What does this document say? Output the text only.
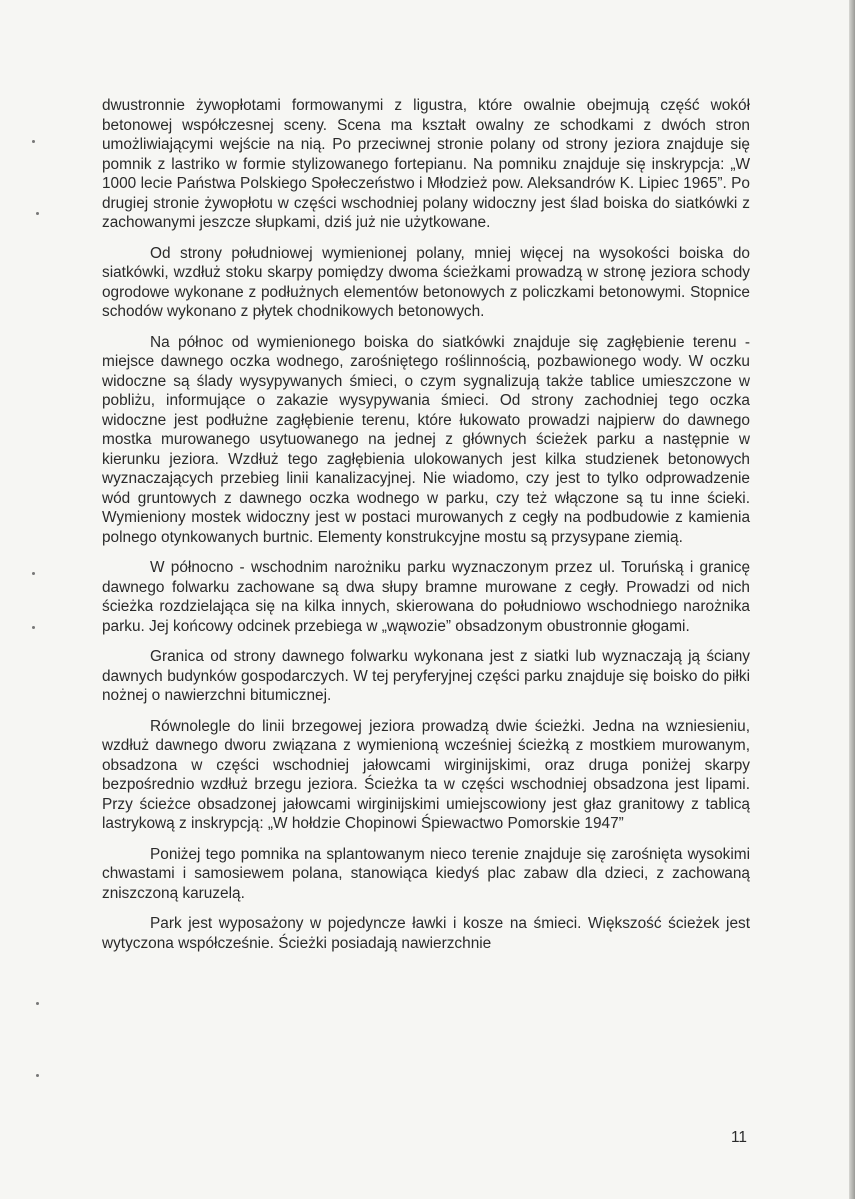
dwustronnie żywopłotami formowanymi z ligustra, które owalnie obejmują część wokół betonowej współczesnej sceny. Scena ma kształt owalny ze schodkami z dwóch stron umożliwiającymi wejście na nią. Po przeciwnej stronie polany od strony jeziora znajduje się pomnik z lastriko w formie stylizowanego fortepianu. Na pomniku znajduje się inskrypcja: „W 1000 lecie Państwa Polskiego Społeczeństwo i Młodzież pow. Aleksandrów K. Lipiec 1965”. Po drugiej stronie żywopłotu w części wschodniej polany widoczny jest ślad boiska do siatkówki z zachowanymi jeszcze słupkami, dziś już nie użytkowane.

Od strony południowej wymienionej polany, mniej więcej na wysokości boiska do siatkówki, wzdłuż stoku skarpy pomiędzy dwoma ścieżkami prowadzą w stronę jeziora schody ogrodowe wykonane z podłużnych elementów betonowych z policzkami betonowymi. Stopnice schodów wykonano z płytek chodnikowych betonowych.

Na północ od wymienionego boiska do siatkówki znajduje się zagłębienie terenu - miejsce dawnego oczka wodnego, zarośniętego roślinnością, pozbawionego wody. W oczku widoczne są ślady wysypywanych śmieci, o czym sygnalizują także tablice umieszczone w pobliżu, informujące o zakazie wysypywania śmieci. Od strony zachodniej tego oczka widoczne jest podłużne zagłębienie terenu, które łukowato prowadzi najpierw do dawnego mostka murowanego usytuowanego na jednej z głównych ścieżek parku a następnie w kierunku jeziora. Wzdłuż tego zagłębienia ulokowanych jest kilka studzienek betonowych wyznaczających przebieg linii kanalizacyjnej. Nie wiadomo, czy jest to tylko odprowadzenie wód gruntowych z dawnego oczka wodnego w parku, czy też włączone są tu inne ścieki. Wymieniony mostek widoczny jest w postaci murowanych z cegły na podbudowie z kamienia polnego otynkowanych burtnic. Elementy konstrukcyjne mostu są przysypane ziemią.

W północno - wschodnim narożniku parku wyznaczonym przez ul. Toruńską i granicę dawnego folwarku zachowane są dwa słupy bramne murowane z cegły. Prowadzi od nich ścieżka rozdzielająca się na kilka innych, skierowana do południowo wschodniego narożnika parku. Jej końcowy odcinek przebiega w „wąwozie” obsadzonym obustronnie głogami.

Granica od strony dawnego folwarku wykonana jest z siatki lub wyznaczają ją ściany dawnych budynków gospodarczych. W tej peryferyjnej części parku znajduje się boisko do piłki nożnej o nawierzchni bitumicznej.

Równolegle do linii brzegowej jeziora prowadzą dwie ścieżki. Jedna na wzniesieniu, wzdłuż dawnego dworu związana z wymienioną wcześniej ścieżką z mostkiem murowanym, obsadzona w części wschodniej jałowcami wirginijskimi, oraz druga poniżej skarpy bezpośrednio wzdłuż brzegu jeziora. Ścieżka ta w części wschodniej obsadzona jest lipami. Przy ścieżce obsadzonej jałowcami wirginijskimi umiejscowiony jest głaz granitowy z tablicą lastrykową z inskrypcją: „W hołdzie Chopinowi Śpiewactwo Pomorskie 1947”

Poniżej tego pomnika na splantowanym nieco terenie znajduje się zarośnięta wysokimi chwastami i samosiewem polana, stanowiąca kiedyś plac zabaw dla dzieci, z zachowaną zniszczoną karuzelą.

Park jest wyposażony w pojedyncze ławki i kosze na śmieci. Większość ścieżek jest wytyczona współcześnie. Ścieżki posiadają nawierzchnie

11
